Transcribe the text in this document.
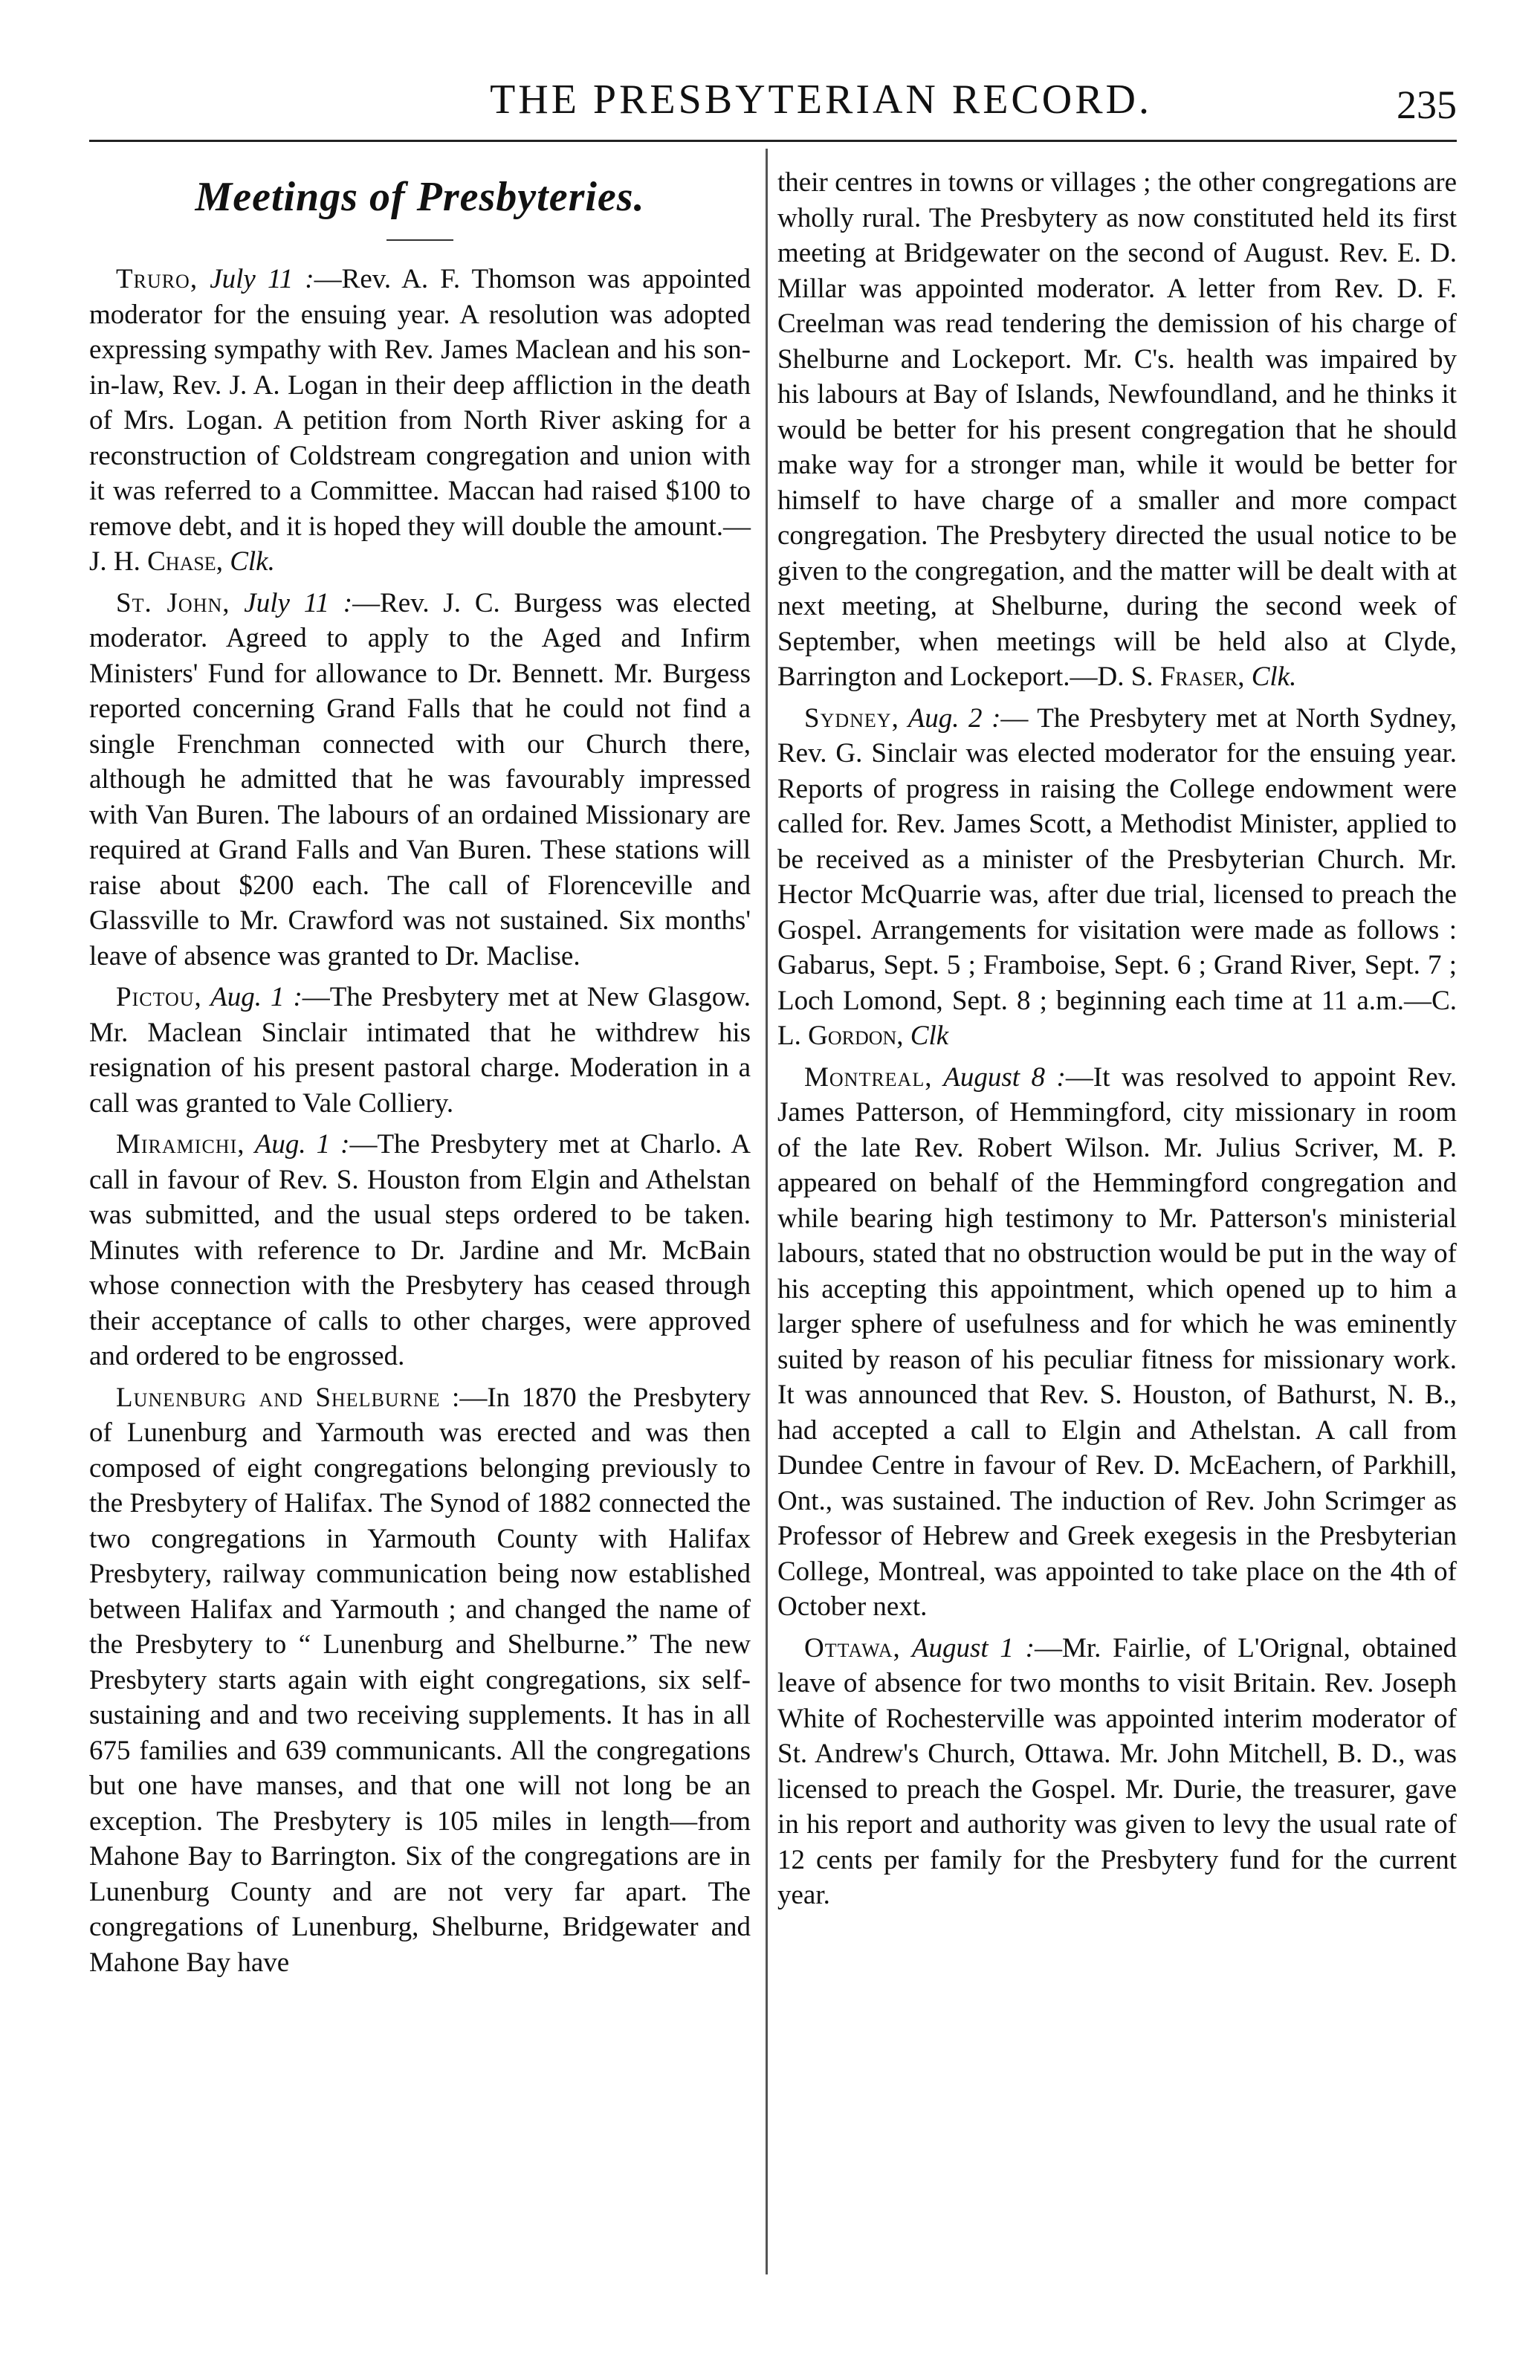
THE PRESBYTERIAN RECORD.	235
Meetings of Presbyteries.

Truro, July 11 :—Rev. A. F. Thomson was appointed moderator for the ensuing year. A resolution was adopted expressing sympathy with Rev. James Maclean and his son-in-law, Rev. J. A. Logan in their deep affliction in the death of Mrs. Logan. A petition from North River asking for a reconstruction of Coldstream congregation and union with it was referred to a Committee. Maccan had raised $100 to remove debt, and it is hoped they will double the amount.—J. H. Chase, Clk.

St. John, July 11 :—Rev. J. C. Burgess was elected moderator. Agreed to apply to the Aged and Infirm Ministers' Fund for allowance to Dr. Bennett. Mr. Burgess reported concerning Grand Falls that he could not find a single Frenchman connected with our Church there, although he admitted that he was favourably impressed with Van Buren. The labours of an ordained Missionary are required at Grand Falls and Van Buren. These stations will raise about $200 each. The call of Florenceville and Glassville to Mr. Crawford was not sustained. Six months' leave of absence was granted to Dr. Maclise.

Pictou, Aug. 1 :—The Presbytery met at New Glasgow. Mr. Maclean Sinclair intimated that he withdrew his resignation of his present pastoral charge. Moderation in a call was granted to Vale Colliery.

Miramichi, Aug. 1 :—The Presbytery met at Charlo. A call in favour of Rev. S. Houston from Elgin and Athelstan was submitted, and the usual steps ordered to be taken. Minutes with reference to Dr. Jardine and Mr. McBain whose connection with the Presbytery has ceased through their acceptance of calls to other charges, were approved and ordered to be engrossed.

Lunenburg and Shelburne :—In 1870 the Presbytery of Lunenburg and Yarmouth was erected and was then composed of eight congregations belonging previously to the Presbytery of Halifax. The Synod of 1882 connected the two congregations in Yarmouth County with Halifax Presbytery, railway communication being now established between Halifax and Yarmouth ; and changed the name of the Presbytery to “ Lunenburg and Shelburne.” The new Presbytery starts again with eight congregations, six self-sustaining and and two receiving supplements. It has in all 675 families and 639 communicants. All the congregations but one have manses, and that one will not long be an exception. The Presbytery is 105 miles in length—from Mahone Bay to Barrington. Six of the congregations are in Lunenburg County and are not very far apart. The congregations of Lunenburg, Shelburne, Bridgewater and Mahone Bay have

their centres in towns or villages ; the other congregations are wholly rural. The Presbytery as now constituted held its first meeting at Bridgewater on the second of August. Rev. E. D. Millar was appointed moderator. A letter from Rev. D. F. Creelman was read tendering the demission of his charge of Shelburne and Lockeport. Mr. C's. health was impaired by his labours at Bay of Islands, Newfoundland, and he thinks it would be better for his present congregation that he should make way for a stronger man, while it would be better for himself to have charge of a smaller and more compact congregation. The Presbytery directed the usual notice to be given to the congregation, and the matter will be dealt with at next meeting, at Shelburne, during the second week of September, when meetings will be held also at Clyde, Barrington and Lockeport.—D. S. Fraser, Clk.

Sydney, Aug. 2 :— The Presbytery met at North Sydney, Rev. G. Sinclair was elected moderator for the ensuing year. Reports of progress in raising the College endowment were called for. Rev. James Scott, a Methodist Minister, applied to be received as a minister of the Presbyterian Church. Mr. Hector McQuarrie was, after due trial, licensed to preach the Gospel. Arrangements for visitation were made as follows : Gabarus, Sept. 5 ; Framboise, Sept. 6 ; Grand River, Sept. 7 ; Loch Lomond, Sept. 8 ; beginning each time at 11 a.m.—C. L. Gordon, Clk

Montreal, August 8 :—It was resolved to appoint Rev. James Patterson, of Hemmingford, city missionary in room of the late Rev. Robert Wilson. Mr. Julius Scriver, M. P. appeared on behalf of the Hemmingford congregation and while bearing high testimony to Mr. Patterson's ministerial labours, stated that no obstruction would be put in the way of his accepting this appointment, which opened up to him a larger sphere of usefulness and for which he was eminently suited by reason of his peculiar fitness for missionary work. It was announced that Rev. S. Houston, of Bathurst, N. B., had accepted a call to Elgin and Athelstan. A call from Dundee Centre in favour of Rev. D. McEachern, of Parkhill, Ont., was sustained. The induction of Rev. John Scrimger as Professor of Hebrew and Greek exegesis in the Presbyterian College, Montreal, was appointed to take place on the 4th of October next.

Ottawa, August 1 :—Mr. Fairlie, of L'Orignal, obtained leave of absence for two months to visit Britain. Rev. Joseph White of Rochesterville was appointed interim moderator of St. Andrew's Church, Ottawa. Mr. John Mitchell, B. D., was licensed to preach the Gospel. Mr. Durie, the treasurer, gave in his report and authority was given to levy the usual rate of 12 cents per family for the Presbytery fund for the current year.
